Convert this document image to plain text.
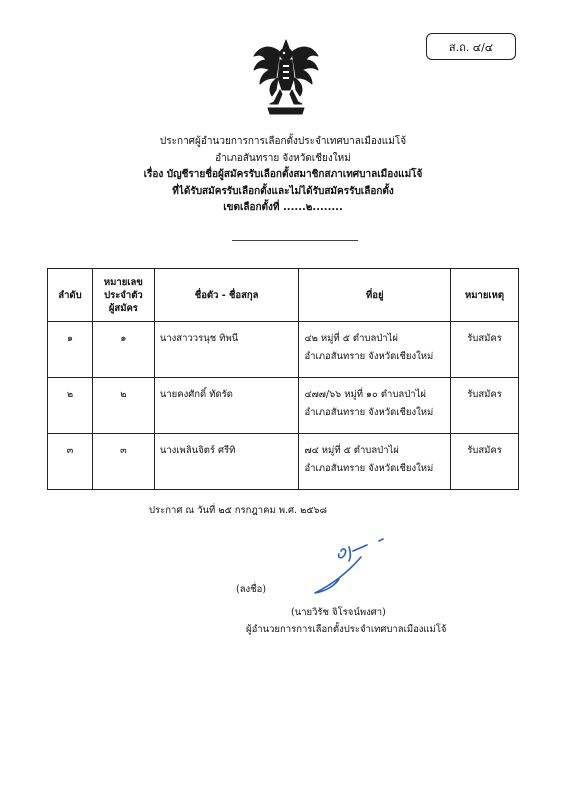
ส.ถ. ๔/๔
ประกาศผู้อำนวยการการเลือกตั้งประจำเทศบาลเมืองแม่โจ้
อำเภอสันทราย จังหวัดเชียงใหม่
เรื่อง บัญชีรายชื่อผู้สมัครรับเลือกตั้งสมาชิกสภาเทศบาลเมืองแม่โจ้
ที่ได้รับสมัครรับเลือกตั้งและไม่ได้รับสมัครรับเลือกตั้ง
เขตเลือกตั้งที่ ......๒........
ลำดับ	หมายเลข
ประจำตัว
ผู้สมัคร	ชื่อตัว - ชื่อสกุล	ที่อยู่	หมายเหตุ
๑	๑	นางสาววรนุช ทิพนี	๔๒ หมู่ที่ ๕ ตำบลป่าไผ่
อำเภอสันทราย จังหวัดเชียงใหม่	รับสมัคร
๒	๒	นายคงศักดิ์ ทัดรัด	๔๗๗/๖๖ หมู่ที่ ๑๐ ตำบลป่าไผ่
อำเภอสันทราย จังหวัดเชียงใหม่	รับสมัคร
๓	๓	นางเพลินจิตร์ ศรีทิ	๗๔ หมู่ที่ ๕ ตำบลป่าไผ่
อำเภอสันทราย จังหวัดเชียงใหม่	รับสมัคร
ประกาศ ณ วันที่ ๒๕ กรกฎาคม พ.ศ. ๒๕๖๘
(ลงชื่อ)
(นายวิรัช จิโรจน์พงศา)
ผู้อำนวยการการเลือกตั้งประจำเทศบาลเมืองแม่โจ้
